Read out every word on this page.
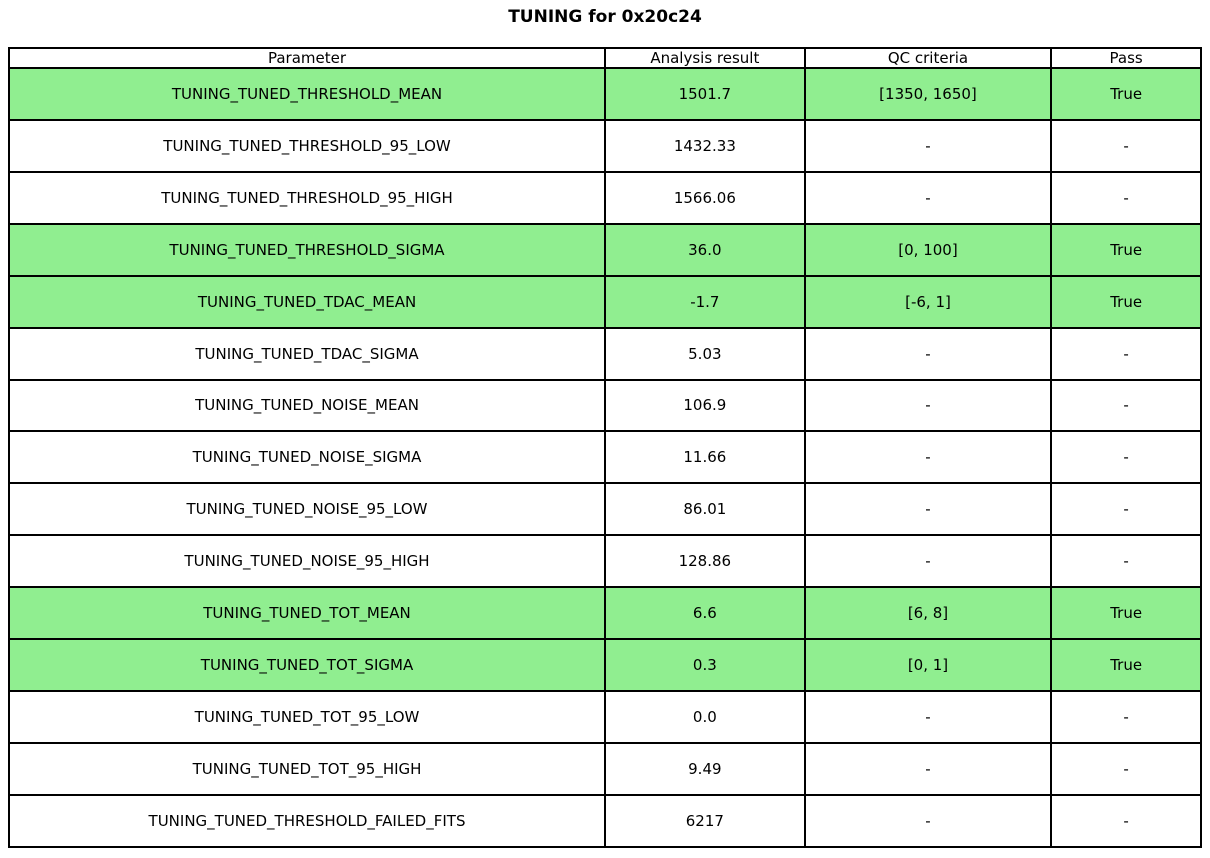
TUNING for 0x20c24
Parameter	Analysis result	QC criteria	Pass
TUNING_TUNED_THRESHOLD_MEAN	1501.7	[1350, 1650]	True
TUNING_TUNED_THRESHOLD_95_LOW	1432.33	-	-
TUNING_TUNED_THRESHOLD_95_HIGH	1566.06	-	-
TUNING_TUNED_THRESHOLD_SIGMA	36.0	[0, 100]	True
TUNING_TUNED_TDAC_MEAN	-1.7	[-6, 1]	True
TUNING_TUNED_TDAC_SIGMA	5.03	-	-
TUNING_TUNED_NOISE_MEAN	106.9	-	-
TUNING_TUNED_NOISE_SIGMA	11.66	-	-
TUNING_TUNED_NOISE_95_LOW	86.01	-	-
TUNING_TUNED_NOISE_95_HIGH	128.86	-	-
TUNING_TUNED_TOT_MEAN	6.6	[6, 8]	True
TUNING_TUNED_TOT_SIGMA	0.3	[0, 1]	True
TUNING_TUNED_TOT_95_LOW	0.0	-	-
TUNING_TUNED_TOT_95_HIGH	9.49	-	-
TUNING_TUNED_THRESHOLD_FAILED_FITS	6217	-	-
